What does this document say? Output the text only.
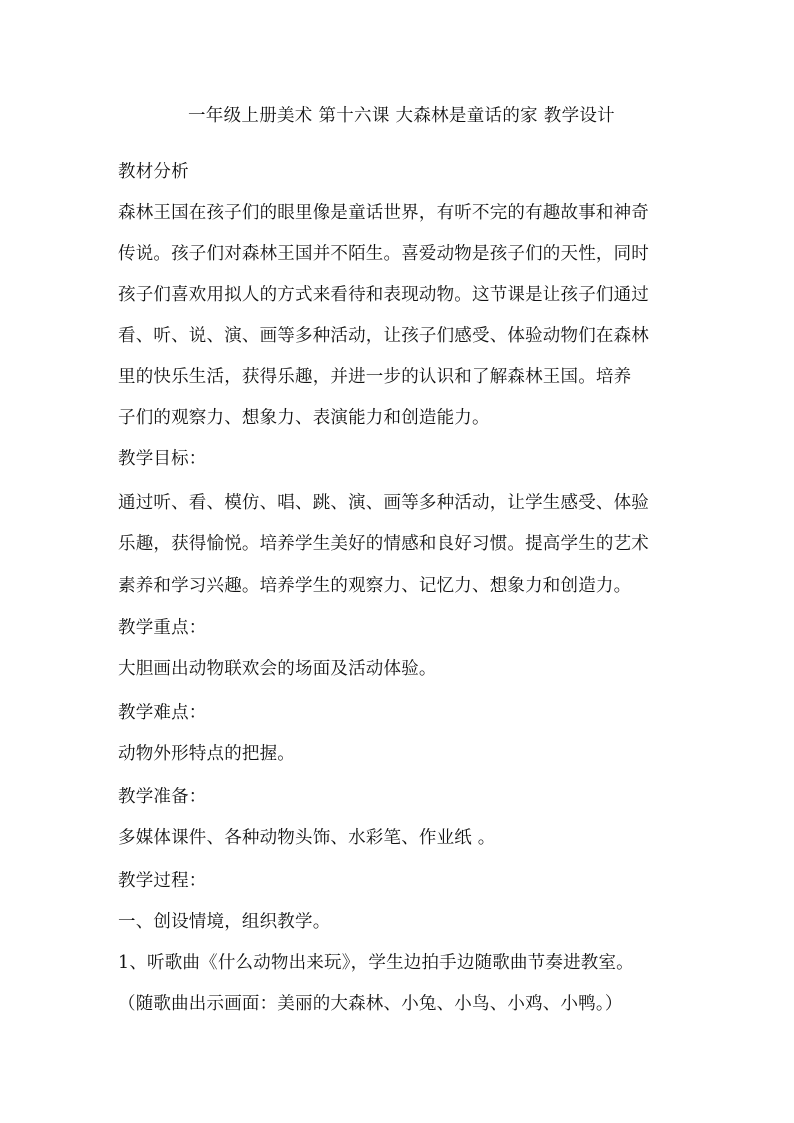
一年级上册美术 第十六课 大森林是童话的家 教学设计
教材分析
森林王国在孩子们的眼里像是童话世界，有听不完的有趣故事和神奇
传说。孩子们对森林王国并不陌生。喜爱动物是孩子们的天性，同时
孩子们喜欢用拟人的方式来看待和表现动物。这节课是让孩子们通过
看、听、说、演、画等多种活动，让孩子们感受、体验动物们在森林
里的快乐生活，获得乐趣，并进一步的认识和了解森林王国。培养
子们的观察力、想象力、表演能力和创造能力。
教学目标：
通过听、看、模仿、唱、跳、演、画等多种活动，让学生感受、体验
乐趣，获得愉悦。培养学生美好的情感和良好习惯。提高学生的艺术
素养和学习兴趣。培养学生的观察力、记忆力、想象力和创造力。
教学重点：
大胆画出动物联欢会的场面及活动体验。
教学难点：
动物外形特点的把握。
教学准备：
多媒体课件、各种动物头饰、水彩笔、作业纸 。
教学过程：
一、创设情境，组织教学。
1、听歌曲《什么动物出来玩》，学生边拍手边随歌曲节奏进教室。
（随歌曲出示画面：美丽的大森林、小兔、小鸟、小鸡、小鸭。）
